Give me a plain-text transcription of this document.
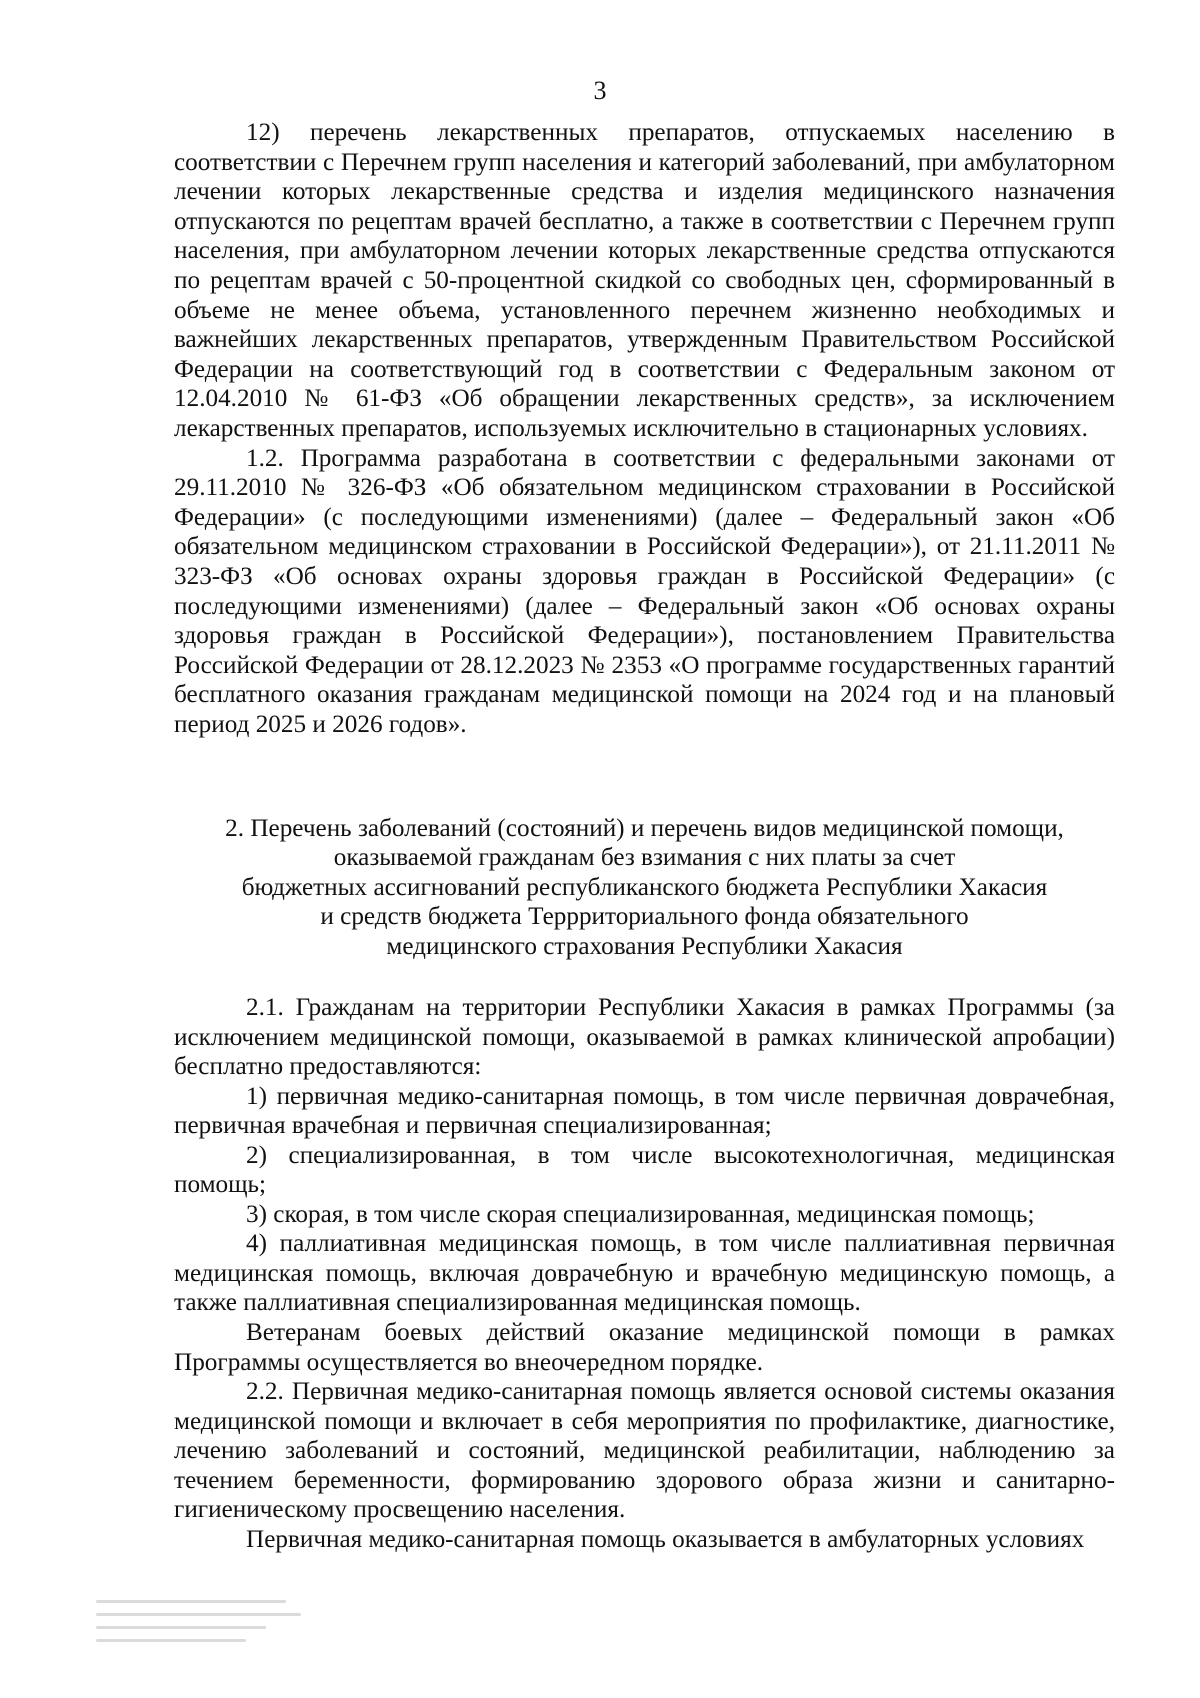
3

12) перечень лекарственных препаратов, отпускаемых населению в соответствии с Перечнем групп населения и категорий заболеваний, при амбулаторном лечении которых лекарственные средства и изделия медицинского назначения отпускаются по рецептам врачей бесплатно, а также в соответствии с Перечнем групп населения, при амбулаторном лечении которых лекарственные средства отпускаются по рецептам врачей с 50-процентной скидкой со свободных цен, сформированный в объеме не менее объема, установленного перечнем жизненно необходимых и важнейших лекарственных препаратов, утвержденным Правительством Российской Федерации на соответствующий год в соответствии с Федеральным законом от 12.04.2010 № 61-ФЗ «Об обращении лекарственных средств», за исключением лекарственных препаратов, используемых исключительно в стационарных условиях.

1.2. Программа разработана в соответствии с федеральными законами от 29.11.2010 № 326-ФЗ «Об обязательном медицинском страховании в Российской Федерации» (с последующими изменениями) (далее – Федеральный закон «Об обязательном медицинском страховании в Российской Федерации»), от 21.11.2011 № 323-ФЗ «Об основах охраны здоровья граждан в Российской Федерации» (с последующими изменениями) (далее – Федеральный закон «Об основах охраны здоровья граждан в Российской Федерации»), постановлением Правительства Российской Федерации от 28.12.2023 № 2353 «О программе государственных гарантий бесплатного оказания гражданам медицинской помощи на 2024 год и на плановый период 2025 и 2026 годов».

2. Перечень заболеваний (состояний) и перечень видов медицинской помощи,
оказываемой гражданам без взимания с них платы за счет
бюджетных ассигнований республиканского бюджета Республики Хакасия
и средств бюджета Террриториального фонда обязательного
медицинского страхования Республики Хакасия

2.1. Гражданам на территории Республики Хакасия в рамках Программы (за исключением медицинской помощи, оказываемой в рамках клинической апробации) бесплатно предоставляются:

1) первичная медико-санитарная помощь, в том числе первичная доврачебная, первичная врачебная и первичная специализированная;

2) специализированная, в том числе высокотехнологичная, медицинская помощь;

3) скорая, в том числе скорая специализированная, медицинская помощь;

4) паллиативная медицинская помощь, в том числе паллиативная первичная медицинская помощь, включая доврачебную и врачебную медицинскую помощь, а также паллиативная специализированная медицинская помощь.

Ветеранам боевых действий оказание медицинской помощи в рамках Программы осуществляется во внеочередном порядке.

2.2. Первичная медико-санитарная помощь является основой системы оказания медицинской помощи и включает в себя мероприятия по профилактике, диагностике, лечению заболеваний и состояний, медицинской реабилитации, наблюдению за течением беременности, формированию здорового образа жизни и санитарно-гигиеническому просвещению населения.

Первичная медико-санитарная помощь оказывается в амбулаторных условиях
